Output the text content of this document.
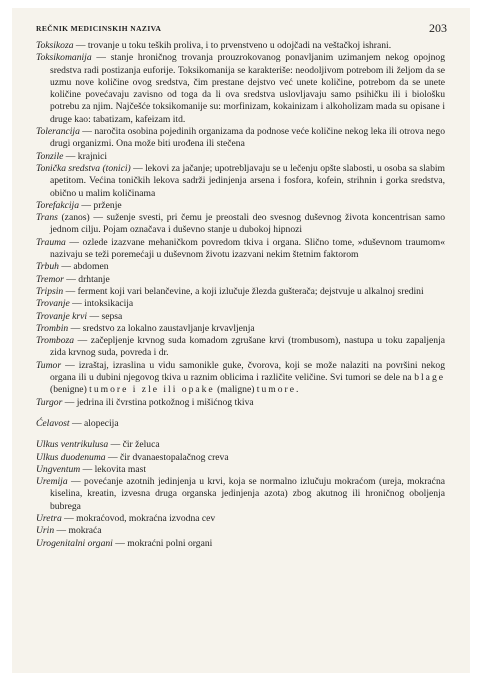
REČNIK MEDICINSKIH NAZIVA	203
Toksikoza — trovanje u toku teških proliva, i to prvenstveno u odojčadi na veštačkoj ishrani.
Toksikomanija — stanje hroničnog trovanja prouzrokovanog ponavljanim uzimanjem nekog opojnog sredstva radi postizanja euforije. Toksikomanija se karakteriše: neodoljivom potrebom ili željom da se uzmu nove količine ovog sredstva, čim prestane dejstvo već unete količine, potrebom da se unete količine povećavaju zavisno od toga da li ova sredstva uslovljavaju samo psihičku ili i biološku potrebu za njim. Najčešće toksikomanije su: morfinizam, kokainizam i alkoholizam mada su opisane i druge kao: tabatizam, kafeizam itd.
Tolerancija — naročita osobina pojedinih organizama da podnose veće količine nekog leka ili otrova nego drugi organizmi. Ona može biti urođena ili stečena
Tonzile — krajnici
Tonička sredstva (tonici) — lekovi za jačanje; upotrebljavaju se u lečenju opšte slabosti, u osoba sa slabim apetitom. Većina toničkih lekova sadrži jedinjenja arsena i fosfora, kofein, strihnin i gorka sredstva, obično u malim količinama
Torefakcija — prženje
Trans (zanos) — suženje svesti, pri čemu je preostali deo svesnog duševnog života koncentrisan samo jednom cilju. Pojam označava i duševno stanje u dubokoj hipnozi
Trauma — ozlede izazvane mehaničkom povredom tkiva i organa. Slično tome, »duševnom traumom« nazivaju se teži poremećaji u duševnom životu izazvani nekim štetnim faktorom
Trbuh — abdomen
Tremor — drhtanje
Tripsin — ferment koji vari belančevine, a koji izlučuje žlezda gušterača; dejstvuje u alkalnoj sredini
Trovanje — intoksikacija
Trovanje krvi — sepsa
Trombin — sredstvo za lokalno zaustavljanje krvavljenja
Tromboza — začepljenje krvnog suda komadom zgrušane krvi (trombusom), nastupa u toku zapaljenja zida krvnog suda, povreda i dr.
Tumor — izraštaj, izraslina u vidu samonikle guke, čvorova, koji se može nalaziti na površini nekog organa ili u dubini njegovog tkiva u raznim oblicima i različite veličine. Svi tumori se dele na blage (benigne) tumore i zle ili opake (maligne) tumore.
Turgor — jedrina ili čvrstina potkožnog i mišićnog tkiva
Ćelavost — alopecija
Ulkus ventrikulusa — čir želuca
Ulkus duodenuma — čir dvanaestopalačnog creva
Ungventum — lekovita mast
Uremija — povećanje azotnih jedinjenja u krvi, koja se normalno izlučuju mokraćom (ureja, mokraćna kiselina, kreatin, izvesna druga organska jedinjenja azota) zbog akutnog ili hroničnog oboljenja bubrega
Uretra — mokraćovod, mokraćna izvodna cev
Urin — mokraća
Urogenitalni organi — mokraćni polni organi
